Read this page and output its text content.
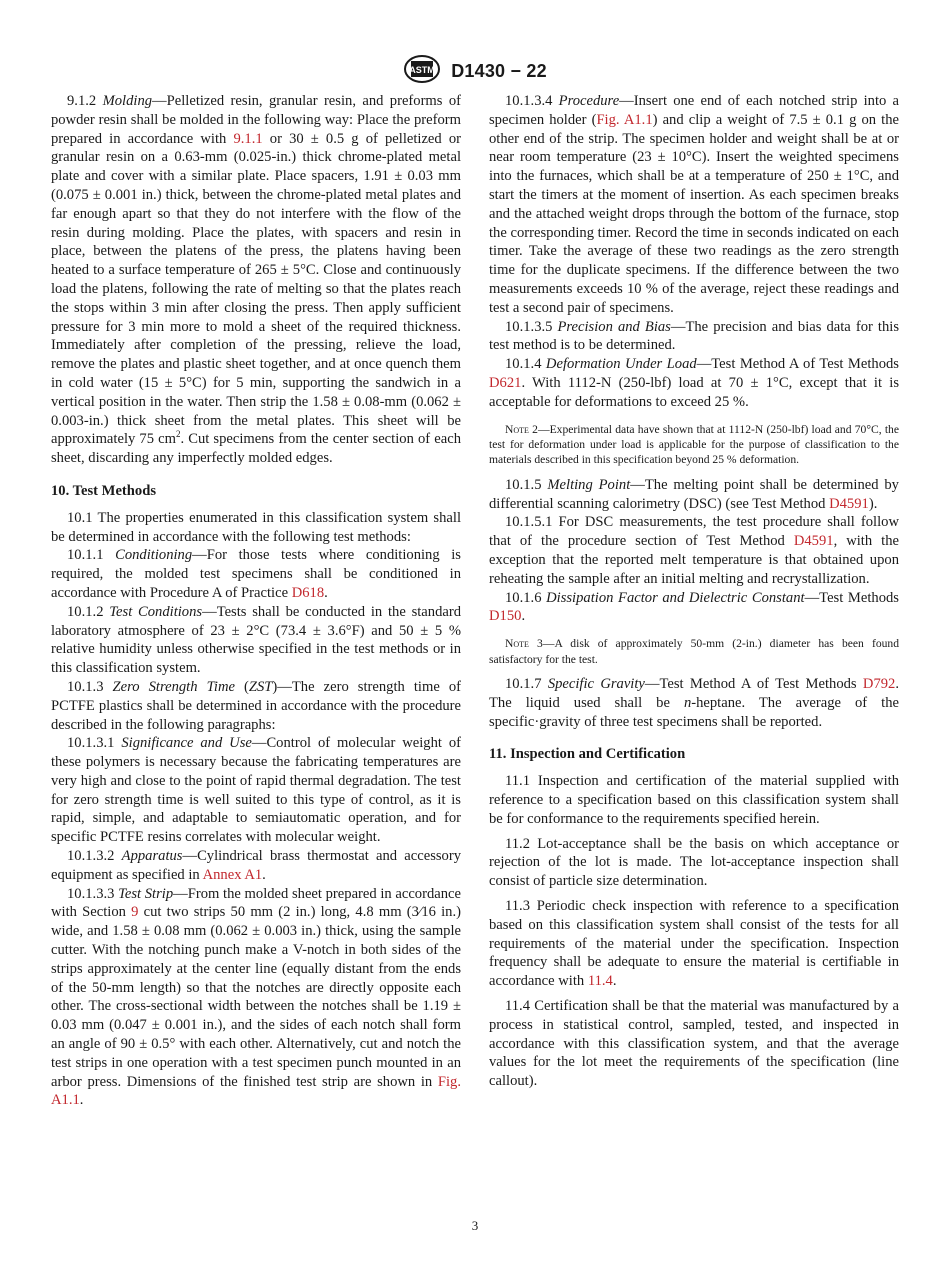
ASTM D1430 − 22

9.1.2 Molding—Pelletized resin, granular resin, and preforms of powder resin shall be molded in the following way: Place the preform prepared in accordance with 9.1.1 or 30 ± 0.5 g of pelletized or granular resin on a 0.63-mm (0.025-in.) thick chrome-plated metal plate and cover with a similar plate. Place spacers, 1.91 ± 0.03 mm (0.075 ± 0.001 in.) thick, between the chrome-plated metal plates and far enough apart so that they do not interfere with the flow of the resin during molding. Place the plates, with spacers and resin in place, between the platens of the press, the platens having been heated to a surface temperature of 265 ± 5°C. Close and continuously load the platens, following the rate of melting so that the plates reach the stops within 3 min after closing the press. Then apply sufficient pressure for 3 min more to mold a sheet of the required thickness. Immediately after completion of the pressing, relieve the load, remove the plates and plastic sheet together, and at once quench them in cold water (15 ± 5°C) for 5 min, supporting the sandwich in a vertical position in the water. Then strip the 1.58 ± 0.08-mm (0.062 ± 0.003-in.) thick sheet from the metal plates. This sheet will be approximately 75 $cm^2$. Cut specimens from the center section of each sheet, discarding any imperfectly molded edges.

10. Test Methods

10.1 The properties enumerated in this classification system shall be determined in accordance with the following test methods:

10.1.1 Conditioning—For those tests where conditioning is required, the molded test specimens shall be conditioned in accordance with Procedure A of Practice D618.

10.1.2 Test Conditions—Tests shall be conducted in the standard laboratory atmosphere of 23 ± 2°C (73.4 ± 3.6°F) and 50 ± 5 % relative humidity unless otherwise specified in the test methods or in this classification system.

10.1.3 Zero Strength Time (ZST)—The zero strength time of PCTFE plastics shall be determined in accordance with the procedure described in the following paragraphs:

10.1.3.1 Significance and Use—Control of molecular weight of these polymers is necessary because the fabricating temperatures are very high and close to the point of rapid thermal degradation. The test for zero strength time is well suited to this type of control, as it is rapid, simple, and adaptable to semiautomatic operation, and for specific PCTFE resins correlates with molecular weight.

10.1.3.2 Apparatus—Cylindrical brass thermostat and accessory equipment as specified in Annex A1.

10.1.3.3 Test Strip—From the molded sheet prepared in accordance with Section 9 cut two strips 50 mm (2 in.) long, 4.8 mm (3⁄16 in.) wide, and 1.58 ± 0.08 mm (0.062 ± 0.003 in.) thick, using the sample cutter. With the notching punch make a V-notch in both sides of the strips approximately at the center line (equally distant from the ends of the 50-mm length) so that the notches are directly opposite each other. The cross-sectional width between the notches shall be 1.19 ± 0.03 mm (0.047 ± 0.001 in.), and the sides of each notch shall form an angle of 90 ± 0.5° with each other. Alternatively, cut and notch the test strips in one operation with a test specimen punch mounted in an arbor press. Dimensions of the finished test strip are shown in Fig. A1.1.

10.1.3.4 Procedure—Insert one end of each notched strip into a specimen holder (Fig. A1.1) and clip a weight of 7.5 ± 0.1 g on the other end of the strip. The specimen holder and weight shall be at or near room temperature (23 ± 10°C). Insert the weighted specimens into the furnaces, which shall be at a temperature of 250 ± 1°C, and start the timers at the moment of insertion. As each specimen breaks and the attached weight drops through the bottom of the furnace, stop the corresponding timer. Record the time in seconds indicated on each timer. Take the average of these two readings as the zero strength time for the duplicate specimens. If the difference between the two measurements exceeds 10 % of the average, reject these readings and test a second pair of specimens.

10.1.3.5 Precision and Bias—The precision and bias data for this test method is to be determined.

10.1.4 Deformation Under Load—Test Method A of Test Methods D621. With 1112-N (250-lbf) load at 70 ± 1°C, except that it is acceptable for deformations to exceed 25 %.

Note 2—Experimental data have shown that at 1112-N (250-lbf) load and 70°C, the test for deformation under load is applicable for the purpose of classification to the materials described in this specification beyond 25 % deformation.

10.1.5 Melting Point—The melting point shall be determined by differential scanning calorimetry (DSC) (see Test Method D4591).

10.1.5.1 For DSC measurements, the test procedure shall follow that of the procedure section of Test Method D4591, with the exception that the reported melt temperature is that obtained upon reheating the sample after an initial melting and recrystallization.

10.1.6 Dissipation Factor and Dielectric Constant—Test Methods D150.

Note 3—A disk of approximately 50-mm (2-in.) diameter has been found satisfactory for the test.

10.1.7 Specific Gravity—Test Method A of Test Methods D792. The liquid used shall be n-heptane. The average of the specific·gravity of three test specimens shall be reported.

11. Inspection and Certification

11.1 Inspection and certification of the material supplied with reference to a specification based on this classification system shall be for conformance to the requirements specified herein.

11.2 Lot-acceptance shall be the basis on which acceptance or rejection of the lot is made. The lot-acceptance inspection shall consist of particle size determination.

11.3 Periodic check inspection with reference to a specification based on this classification system shall consist of the tests for all requirements of the material under the specification. Inspection frequency shall be adequate to ensure the material is certifiable in accordance with 11.4.

11.4 Certification shall be that the material was manufactured by a process in statistical control, sampled, tested, and inspected in accordance with this classification system, and that the average values for the lot meet the requirements of the specification (line callout).

3
